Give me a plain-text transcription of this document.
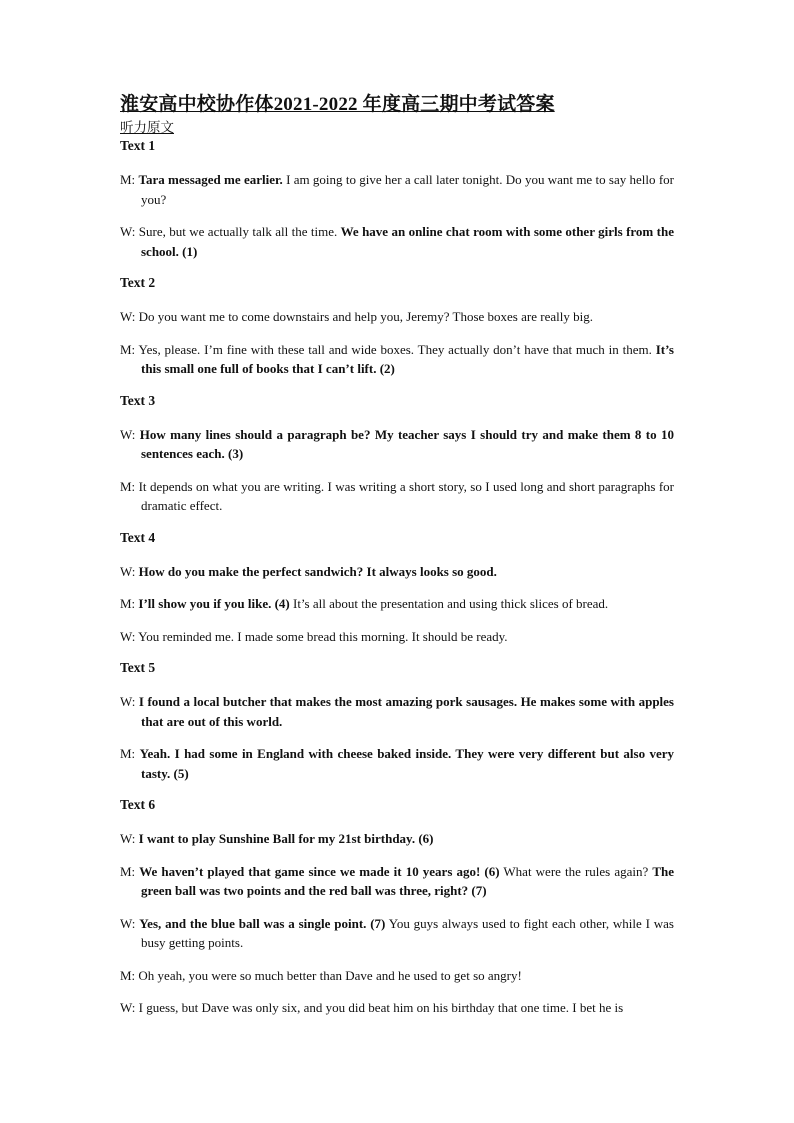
淮安高中校协作体2021-2022 年度高三期中考试答案
听力原文
Text 1

M: Tara messaged me earlier. I am going to give her a call later tonight. Do you want me to say hello for you?

W: Sure, but we actually talk all the time. We have an online chat room with some other girls from the school. (1)

Text 2

W: Do you want me to come downstairs and help you, Jeremy? Those boxes are really big.

M: Yes, please. I’m fine with these tall and wide boxes. They actually don’t have that much in them. It’s this small one full of books that I can’t lift. (2)

Text 3

W: How many lines should a paragraph be? My teacher says I should try and make them 8 to 10 sentences each. (3)

M: It depends on what you are writing. I was writing a short story, so I used long and short paragraphs for dramatic effect.

Text 4

W: How do you make the perfect sandwich? It always looks so good.

M: I’ll show you if you like. (4) It’s all about the presentation and using thick slices of bread.

W: You reminded me. I made some bread this morning. It should be ready.

Text 5

W: I found a local butcher that makes the most amazing pork sausages. He makes some with apples that are out of this world.

M: Yeah. I had some in England with cheese baked inside. They were very different but also very tasty. (5)

Text 6

W: I want to play Sunshine Ball for my 21st birthday. (6)

M: We haven’t played that game since we made it 10 years ago! (6) What were the rules again? The green ball was two points and the red ball was three, right? (7)

W: Yes, and the blue ball was a single point. (7) You guys always used to fight each other, while I was busy getting points.

M: Oh yeah, you were so much better than Dave and he used to get so angry!

W: I guess, but Dave was only six, and you did beat him on his birthday that one time. I bet he is
